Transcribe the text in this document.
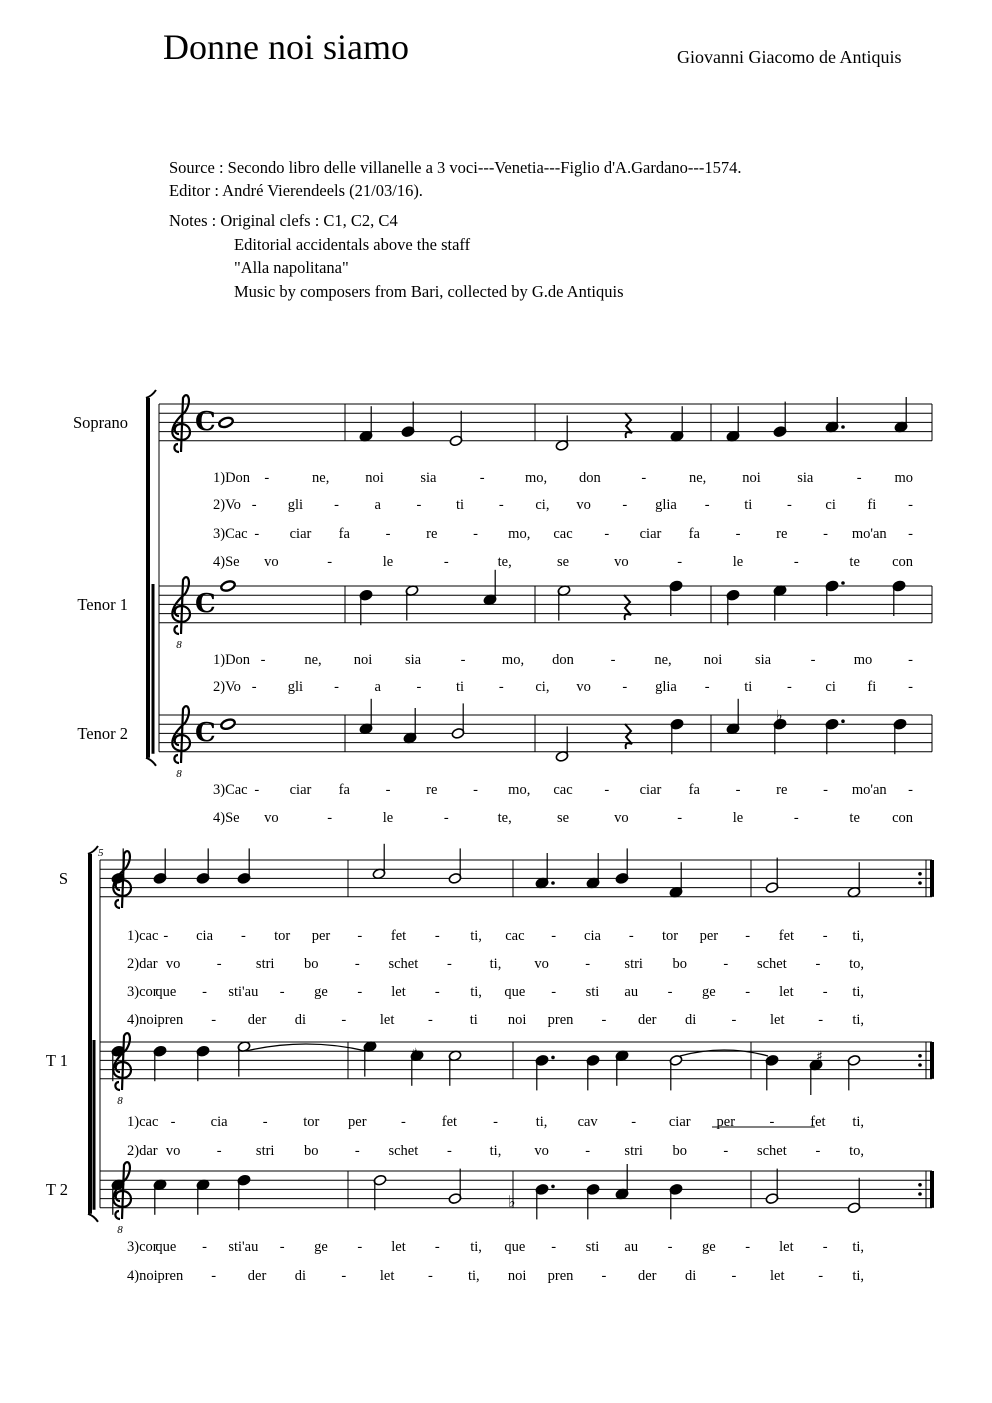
Donne noi siamo	Giovanni Giacomo de Antiquis
Source : Secondo libro delle villanelle a 3 voci---Venetia---Figlio d'A.Gardano---1574.
Editor : André Vierendeels (21/03/16).
Notes : Original clefs : C1, C2, C4
Editorial accidentals above the staff
"Alla napolitana"
Music by composers from Bari, collected by G.de Antiquis
C
Soprano
1)Don -	ne, noi	sia	-	mo, don	-	ne, noi	sia	- mo
2)Vo - gli - a - ti - ci, vo - glia - ti - ci fi -
3)Cac - ciar fa - re - mo, cac - ciar fa - re - mo'an -
4)Se vo	-	le	-	te,	se	vo	-	le	-	te con
8
C
Tenor 1
1)Don -	ne, noi sia	-	mo, don	-	ne, noi sia	-	mo -
2)Vo - gli - a - ti - ci, vo - glia - ti - ci fi -
8
C
Tenor 2
3)Cac - ciar fa - re - mo, cac - ciar fa - re - mo'an -
4)Se vo	-	le	-	te,	se	vo	-	le	-	te con
S
1)cac - cia - tor per - fet - ti, cac - cia - tor per - fet - ti,
2)dar vo	- stri bo	- schet -	ti, vo	- stri bo	- schet - to,
3)cor
que - sti'au - ge - let - ti, que - sti au - ge - let - ti,
4)noi pren - der di - let -	ti noi pren - der di - let - ti,
8
T 1
1)cac - cia - tor per - fet -	ti, cav - ciar per - fet ti,
2)dar vo	- stri bo	- schet -	ti, vo	- stri bo	- schet - to,
8
T 2
3)cor
que - sti'au - ge - let - ti, que - sti au - ge - let - ti,
4)noi pren - der di - let - ti, noi pren - der di - let - ti,
5
♭
♯	♯
♭
